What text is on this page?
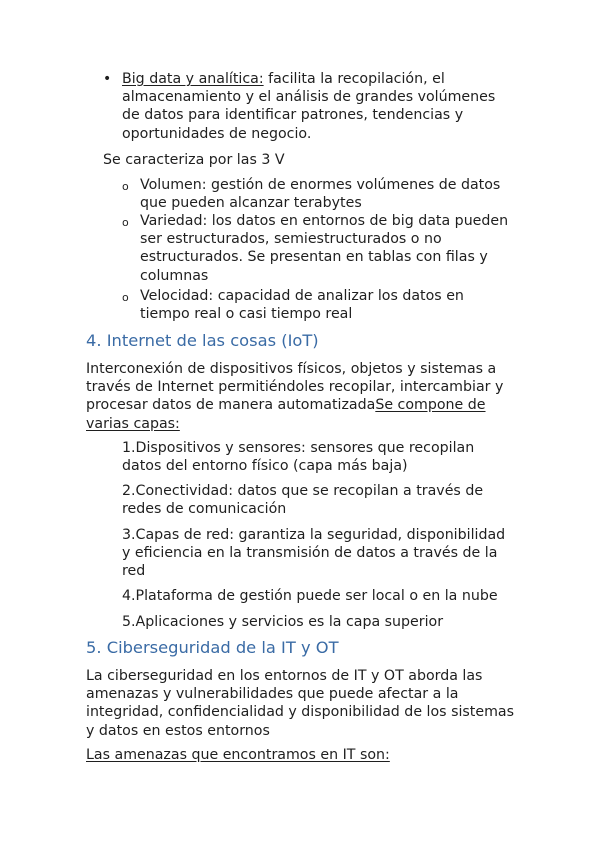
• Big data y analítica: facilita la recopilación, el almacenamiento y el análisis de grandes volúmenes de datos para identificar patrones, tendencias y oportunidades de negocio.
Se caracteriza por las 3 V
o Volumen: gestión de enormes volúmenes de datos que pueden alcanzar terabytes
o Variedad: los datos en entornos de big data pueden ser estructurados, semiestructurados o no estructurados. Se presentan en tablas con filas y columnas
o Velocidad: capacidad de analizar los datos en tiempo real o casi tiempo real
4. Internet de las cosas (IoT)
Interconexión de dispositivos físicos, objetos y sistemas a través de Internet permitiéndoles recopilar, intercambiar y procesar datos de manera automatizadaSe compone de varias capas:
1.Dispositivos y sensores: sensores que recopilan datos del entorno físico (capa más baja)
2.Conectividad: datos que se recopilan a través de redes de comunicación
3.Capas de red: garantiza la seguridad, disponibilidad y eficiencia en la transmisión de datos a través de la red
4.Plataforma de gestión puede ser local o en la nube
5.Aplicaciones y servicios es la capa superior
5. Ciberseguridad de la IT y OT
La ciberseguridad en los entornos de IT y OT aborda las amenazas y vulnerabilidades que puede afectar a la integridad, confidencialidad y disponibilidad de los sistemas y datos en estos entornos
Las amenazas que encontramos en IT son:
